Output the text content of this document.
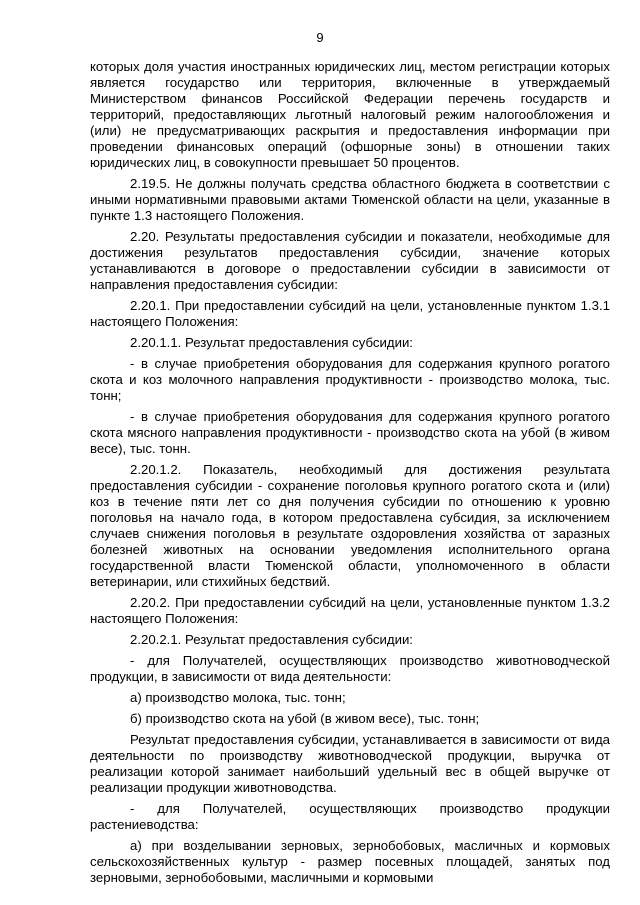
9

которых доля участия иностранных юридических лиц, местом регистрации которых является государство или территория, включенные в утверждаемый Министерством финансов Российской Федерации перечень государств и территорий, предоставляющих льготный налоговый режим налогообложения и (или) не предусматривающих раскрытия и предоставления информации при проведении финансовых операций (офшорные зоны) в отношении таких юридических лиц, в совокупности превышает 50 процентов.

2.19.5. Не должны получать средства областного бюджета в соответствии с иными нормативными правовыми актами Тюменской области на цели, указанные в пункте 1.3 настоящего Положения.

2.20. Результаты предоставления субсидии и показатели, необходимые для достижения результатов предоставления субсидии, значение которых устанавливаются в договоре о предоставлении субсидии в зависимости от направления предоставления субсидии:

2.20.1. При предоставлении субсидий на цели, установленные пунктом 1.3.1 настоящего Положения:

2.20.1.1. Результат предоставления субсидии:

- в случае приобретения оборудования для содержания крупного рогатого скота и коз молочного направления продуктивности - производство молока, тыс. тонн;

- в случае приобретения оборудования для содержания крупного рогатого скота мясного направления продуктивности - производство скота на убой (в живом весе), тыс. тонн.

2.20.1.2. Показатель, необходимый для достижения результата предоставления субсидии - сохранение поголовья крупного рогатого скота и (или) коз в течение пяти лет со дня получения субсидии по отношению к уровню поголовья на начало года, в котором предоставлена субсидия, за исключением случаев снижения поголовья в результате оздоровления хозяйства от заразных болезней животных на основании уведомления исполнительного органа государственной власти Тюменской области, уполномоченного в области ветеринарии, или стихийных бедствий.

2.20.2. При предоставлении субсидий на цели, установленные пунктом 1.3.2 настоящего Положения:

2.20.2.1. Результат предоставления субсидии:

- для Получателей, осуществляющих производство животноводческой продукции, в зависимости от вида деятельности:

а) производство молока, тыс. тонн;

б) производство скота на убой (в живом весе), тыс. тонн;

Результат предоставления субсидии, устанавливается в зависимости от вида деятельности по производству животноводческой продукции, выручка от реализации которой занимает наибольший удельный вес в общей выручке от реализации продукции животноводства.

- для Получателей, осуществляющих производство продукции растениеводства:

а) при возделывании зерновых, зернобобовых, масличных и кормовых сельскохозяйственных культур - размер посевных площадей, занятых под зерновыми, зернобобовыми, масличными и кормовыми
